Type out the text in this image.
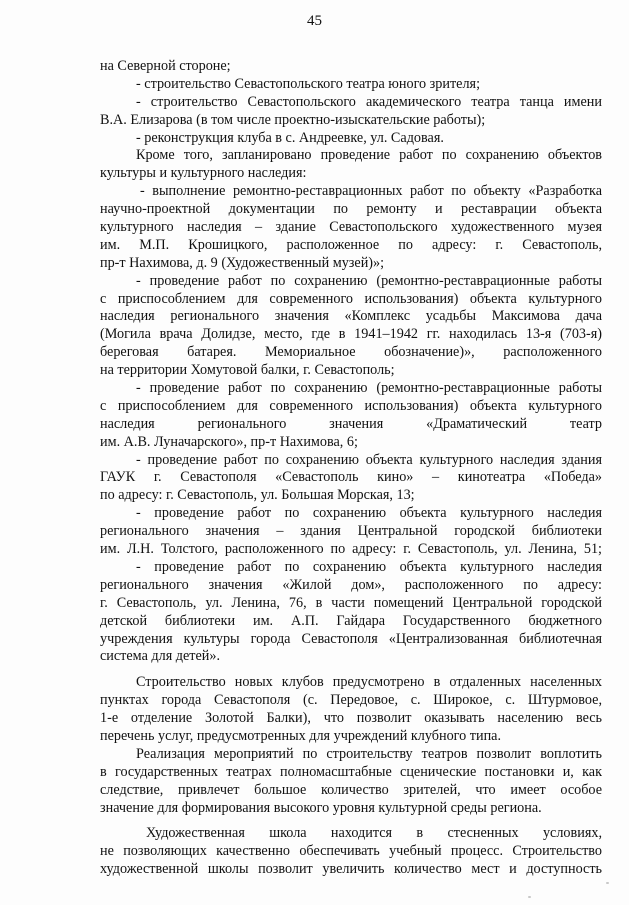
45
на Северной стороне;
- строительство Севастопольского театра юного зрителя;
- строительство Севастопольского академического театра танца имени
В.А. Елизарова (в том числе проектно-изыскательские работы);
- реконструкция клуба в с. Андреевке, ул. Садовая.
Кроме того, запланировано проведение работ по сохранению объектов
культуры и культурного наследия:
- выполнение ремонтно-реставрационных работ по объекту «Разработка
научно-проектной документации по ремонту и реставрации объекта
культурного наследия – здание Севастопольского художественного музея
им. М.П. Крошицкого, расположенное по адресу: г. Севастополь,
пр-т Нахимова, д. 9 (Художественный музей)»;
- проведение работ по сохранению (ремонтно-реставрационные работы
с приспособлением для современного использования) объекта культурного
наследия регионального значения «Комплекс усадьбы Максимова дача
(Могила врача Долидзе, место, где в 1941–1942 гг. находилась 13-я (703-я)
береговая батарея. Мемориальное обозначение)», расположенного
на территории Хомутовой балки, г. Севастополь;
- проведение работ по сохранению (ремонтно-реставрационные работы
с приспособлением для современного использования) объекта культурного
наследия регионального значения «Драматический театр
им. А.В. Луначарского», пр-т Нахимова, 6;
- проведение работ по сохранению объекта культурного наследия здания
ГАУК г. Севастополя «Севастополь кино» – кинотеатра «Победа»
по адресу: г. Севастополь, ул. Большая Морская, 13;
- проведение работ по сохранению объекта культурного наследия
регионального значения – здания Центральной городской библиотеки
им. Л.Н. Толстого, расположенного по адресу: г. Севастополь, ул. Ленина, 51;
- проведение работ по сохранению объекта культурного наследия
регионального значения «Жилой дом», расположенного по адресу:
г. Севастополь, ул. Ленина, 76, в части помещений Центральной городской
детской библиотеки им. А.П. Гайдара Государственного бюджетного
учреждения культуры города Севастополя «Централизованная библиотечная
система для детей».
Строительство новых клубов предусмотрено в отдаленных населенных
пунктах города Севастополя (с. Передовое, с. Широкое, с. Штурмовое,
1-е отделение Золотой Балки), что позволит оказывать населению весь
перечень услуг, предусмотренных для учреждений клубного типа.
Реализация мероприятий по строительству театров позволит воплотить
в государственных театрах полномасштабные сценические постановки и, как
следствие, привлечет большое количество зрителей, что имеет особое
значение для формирования высокого уровня культурной среды региона.
Художественная школа находится в стесненных условиях,
не позволяющих качественно обеспечивать учебный процесс. Строительство
художественной школы позволит увеличить количество мест и доступность
